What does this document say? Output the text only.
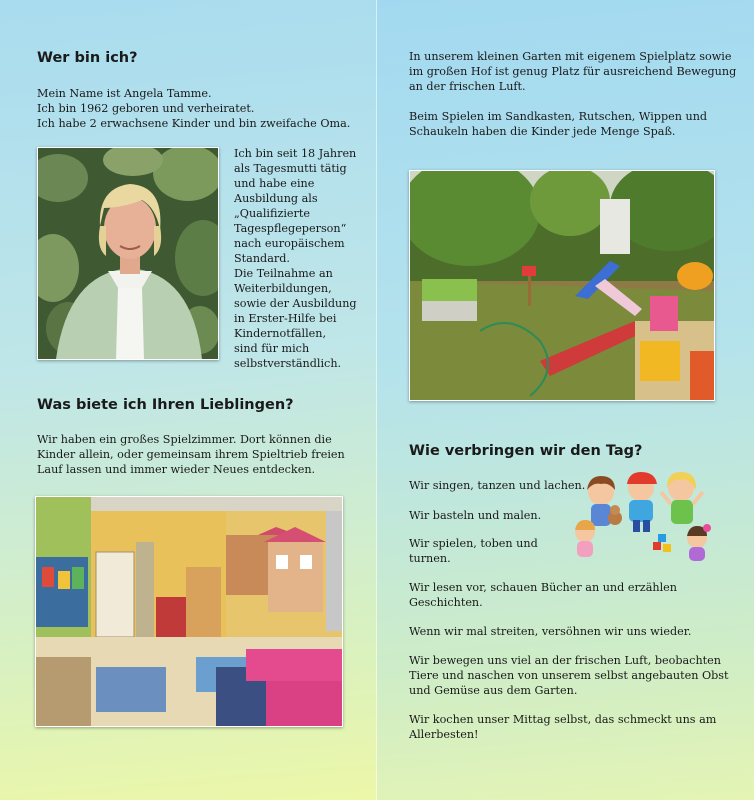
Wer bin ich?
Mein Name ist Angela Tamme.
Ich bin 1962 geboren und verheiratet.
Ich habe 2 erwachsene Kinder und bin zweifache Oma.
Ich bin seit 18 Jahren
als Tagesmutti tätig
und habe eine
Ausbildung als
„Qualifizierte
Tagespflegeperson“
nach europäischem
Standard.
Die Teilnahme an
Weiterbildungen,
sowie der Ausbildung
in Erster-Hilfe bei
Kindernotfällen,
sind für mich
selbstverständlich.
Was biete ich Ihren Lieblingen?
Wir haben ein großes Spielzimmer. Dort können die
Kinder allein, oder gemeinsam ihrem Spieltrieb freien
Lauf lassen und immer wieder Neues entdecken.
In unserem kleinen Garten mit eigenem Spielplatz sowie
im großen Hof ist genug Platz für ausreichend Bewegung
an der frischen Luft.
Beim Spielen im Sandkasten, Rutschen, Wippen und
Schaukeln haben die Kinder jede Menge Spaß.
Wie verbringen wir den Tag?
Wir singen, tanzen und lachen.
Wir basteln und malen.
Wir spielen, toben und
turnen.
Wir lesen vor, schauen Bücher an und erzählen
Geschichten.
Wenn wir mal streiten, versöhnen wir uns wieder.
Wir bewegen uns viel an der frischen Luft, beobachten
Tiere und naschen von unserem selbst angebauten Obst
und Gemüse aus dem Garten.
Wir kochen unser Mittag selbst, das schmeckt uns am
Allerbesten!
